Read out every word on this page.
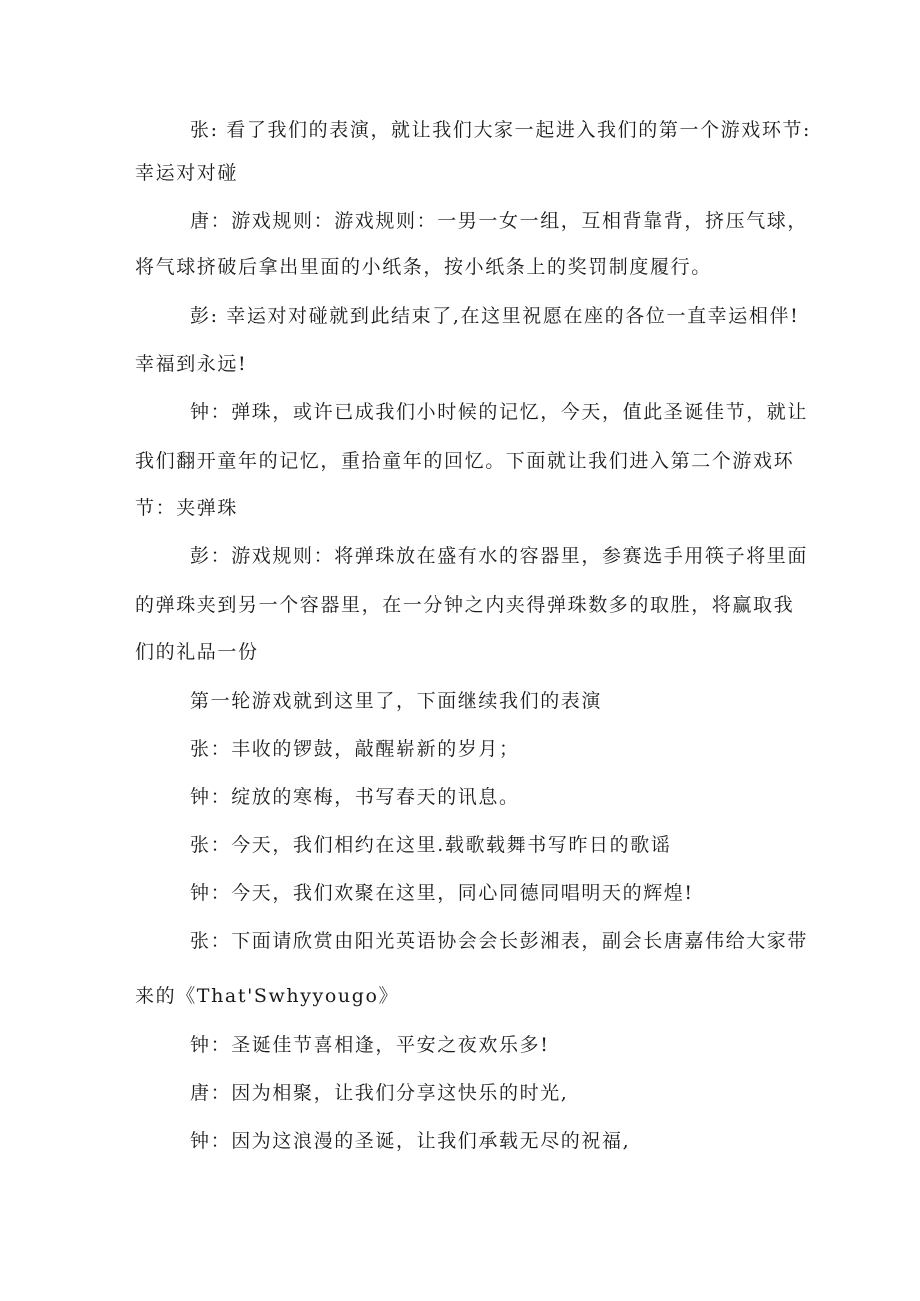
张: 看了我们的表演，就让我们大家一起进入我们的第一个游戏环节:
幸运对对碰
唐：游戏规则：游戏规则：一男一女一组，互相背靠背，挤压气球，
将气球挤破后拿出里面的小纸条，按小纸条上的奖罚制度履行。
彭: 幸运对对碰就到此结束了,在这里祝愿在座的各位一直幸运相伴!
幸福到永远!
钟：弹珠，或许已成我们小时候的记忆，今天，值此圣诞佳节，就让
我们翻开童年的记忆，重拾童年的回忆。下面就让我们进入第二个游戏环
节：夹弹珠
彭：游戏规则：将弹珠放在盛有水的容器里，参赛选手用筷子将里面
的弹珠夹到另一个容器里，在一分钟之内夹得弹珠数多的取胜，将赢取我
们的礼品一份
第一轮游戏就到这里了，下面继续我们的表演
张：丰收的锣鼓，敲醒崭新的岁月；
钟：绽放的寒梅，书写春天的讯息。
张：今天，我们相约在这里.载歌载舞书写昨日的歌谣
钟：今天，我们欢聚在这里，同心同德同唱明天的辉煌!
张：下面请欣赏由阳光英语协会会长彭湘表，副会长唐嘉伟给大家带
来的《That'Swhyyougo》
钟：圣诞佳节喜相逢，平安之夜欢乐多!
唐：因为相聚，让我们分享这快乐的时光,
钟：因为这浪漫的圣诞，让我们承载无尽的祝福,
